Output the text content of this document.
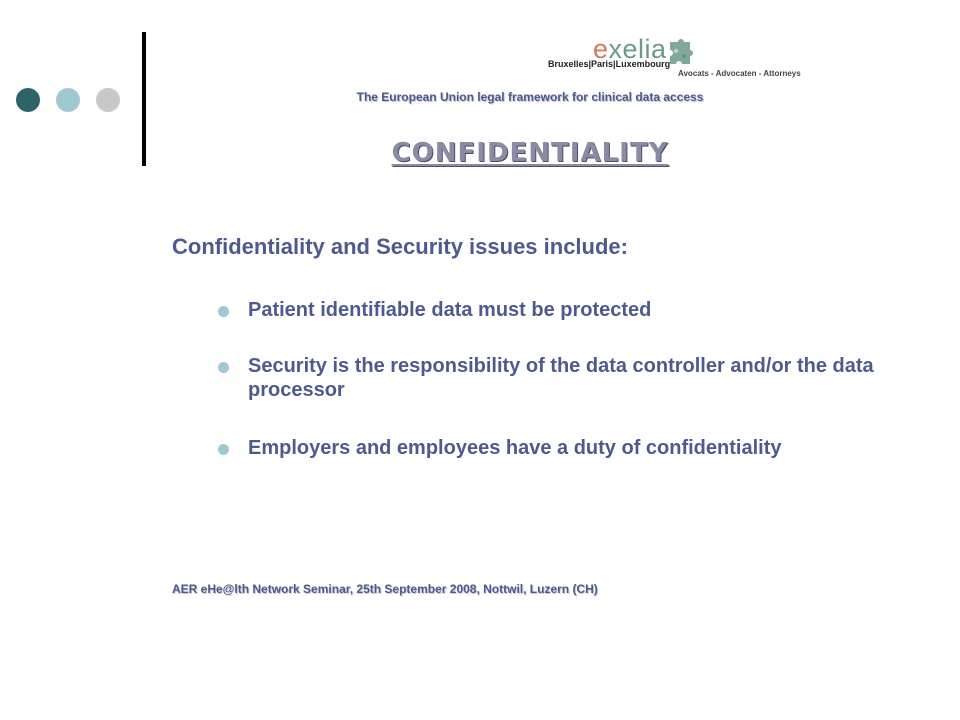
exelia
Bruxelles|Paris|Luxembourg
Avocats - Advocaten - Attorneys
The European Union legal framework for clinical data access
CONFIDENTIALITY
Confidentiality and Security issues include:
Patient identifiable data must be protected
Security is the responsibility of the data controller and/or the data processor
Employers and employees have a duty of confidentiality
AER eHe@lth Network Seminar, 25th September 2008, Nottwil, Luzern (CH)
